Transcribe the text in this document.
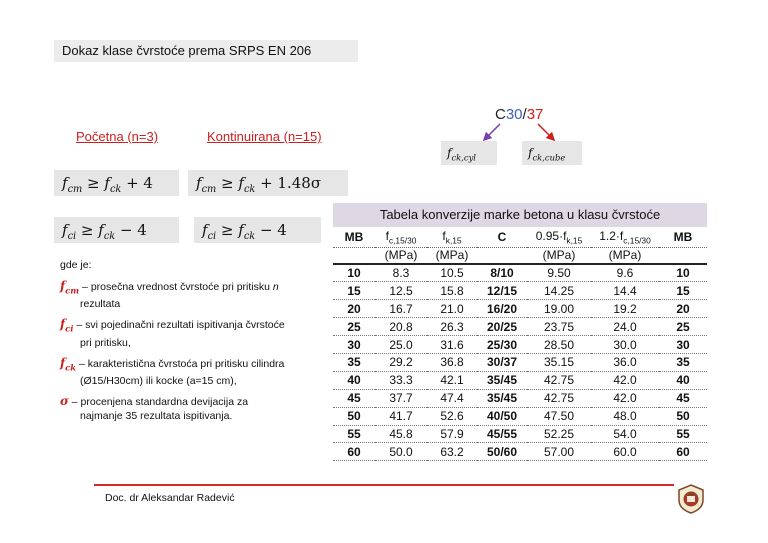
Dokaz klase čvrstoće prema SRPS EN 206
Početna (n=3)	Kontinuirana (n=15)
$f_{cm} \ge f_{ck} + 4$	$f_{cm} \ge f_{ck} + 1.48\sigma$
$f_{ci} \ge f_{ck} - 4$	$f_{ci} \ge f_{ck} - 4$
C30/37
$f_{ck,cyl}$	$f_{ck,cube}$
gde je:
$f_{cm}$ – prosečna vrednost čvrstoće pri pritisku n
rezultata
$f_{ci}$ – svi pojedinačni rezultati ispitivanja čvrstoće
pri pritisku,
$f_{ck}$ – karakteristična čvrstoća pri pritisku cilindra
(Ø15/H30cm) ili kocke (a=15 cm),
σ – procenjena standardna devijacija za
najmanje 35 rezultata ispitivanja.
Tabela konverzije marke betona u klasu čvrstoće
MB	$f_{c,15/30}$	$f_{k,15}$	C	$0.95\cdot f_{k,15}$	$1.2\cdot f_{c,15/30}$	MB
	(MPa)	(MPa)		(MPa)	(MPa)	
10	8.3	10.5	8/10	9.50	9.6	10
15	12.5	15.8	12/15	14.25	14.4	15
20	16.7	21.0	16/20	19.00	19.2	20
25	20.8	26.3	20/25	23.75	24.0	25
30	25.0	31.6	25/30	28.50	30.0	30
35	29.2	36.8	30/37	35.15	36.0	35
40	33.3	42.1	35/45	42.75	42.0	40
45	37.7	47.4	35/45	42.75	42.0	45
50	41.7	52.6	40/50	47.50	48.0	50
55	45.8	57.9	45/55	52.25	54.0	55
60	50.0	63.2	50/60	57.00	60.0	60
Doc. dr Aleksandar Radević
